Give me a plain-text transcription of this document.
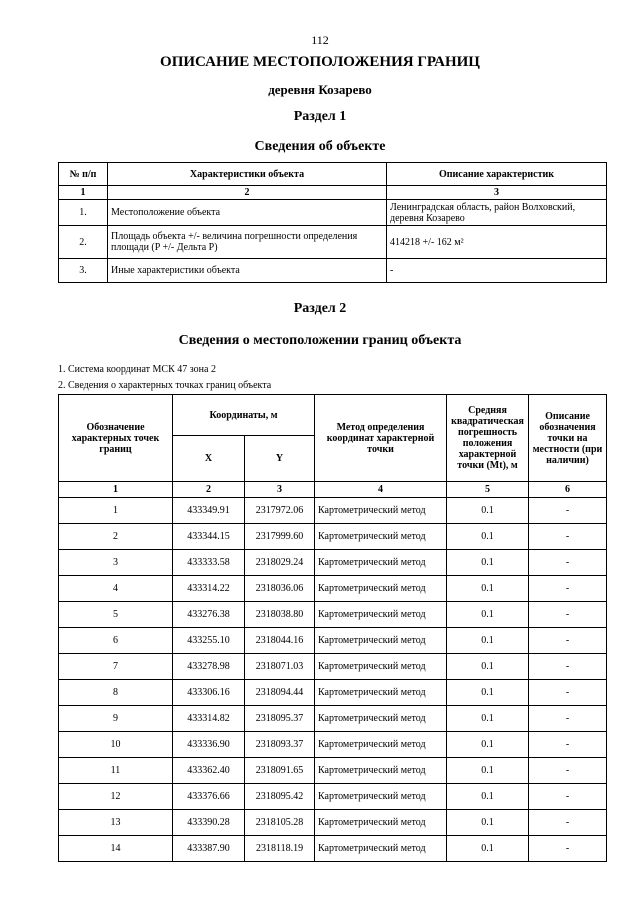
112
ОПИСАНИЕ МЕСТОПОЛОЖЕНИЯ ГРАНИЦ
деревня Козарево
Раздел 1
Сведения об объекте
№ п/п	Характеристики объекта	Описание характеристик
1	2	3
1.	Местоположение объекта	Ленинградская область, район Волховский, деревня Козарево
2.	Площадь объекта +/- величина погрешности определения площади (P +/- Дельта P)	414218 +/- 162 м²
3.	Иные характеристики объекта	-
Раздел 2
Сведения о местоположении границ объекта
1. Система координат МСК 47 зона 2
2. Сведения о характерных точках границ объекта
Обозначение характерных точек границ	Координаты, м		Метод определения координат характерной точки	Средняя квадратическая погрешность положения характерной точки (Mt), м	Описание обозначения точки на местности (при наличии)
	X	Y			
1	2	3	4	5	6
1	433349.91	2317972.06	Картометрический метод	0.1	-
2	433344.15	2317999.60	Картометрический метод	0.1	-
3	433333.58	2318029.24	Картометрический метод	0.1	-
4	433314.22	2318036.06	Картометрический метод	0.1	-
5	433276.38	2318038.80	Картометрический метод	0.1	-
6	433255.10	2318044.16	Картометрический метод	0.1	-
7	433278.98	2318071.03	Картометрический метод	0.1	-
8	433306.16	2318094.44	Картометрический метод	0.1	-
9	433314.82	2318095.37	Картометрический метод	0.1	-
10	433336.90	2318093.37	Картометрический метод	0.1	-
11	433362.40	2318091.65	Картометрический метод	0.1	-
12	433376.66	2318095.42	Картометрический метод	0.1	-
13	433390.28	2318105.28	Картометрический метод	0.1	-
14	433387.90	2318118.19	Картометрический метод	0.1	-
